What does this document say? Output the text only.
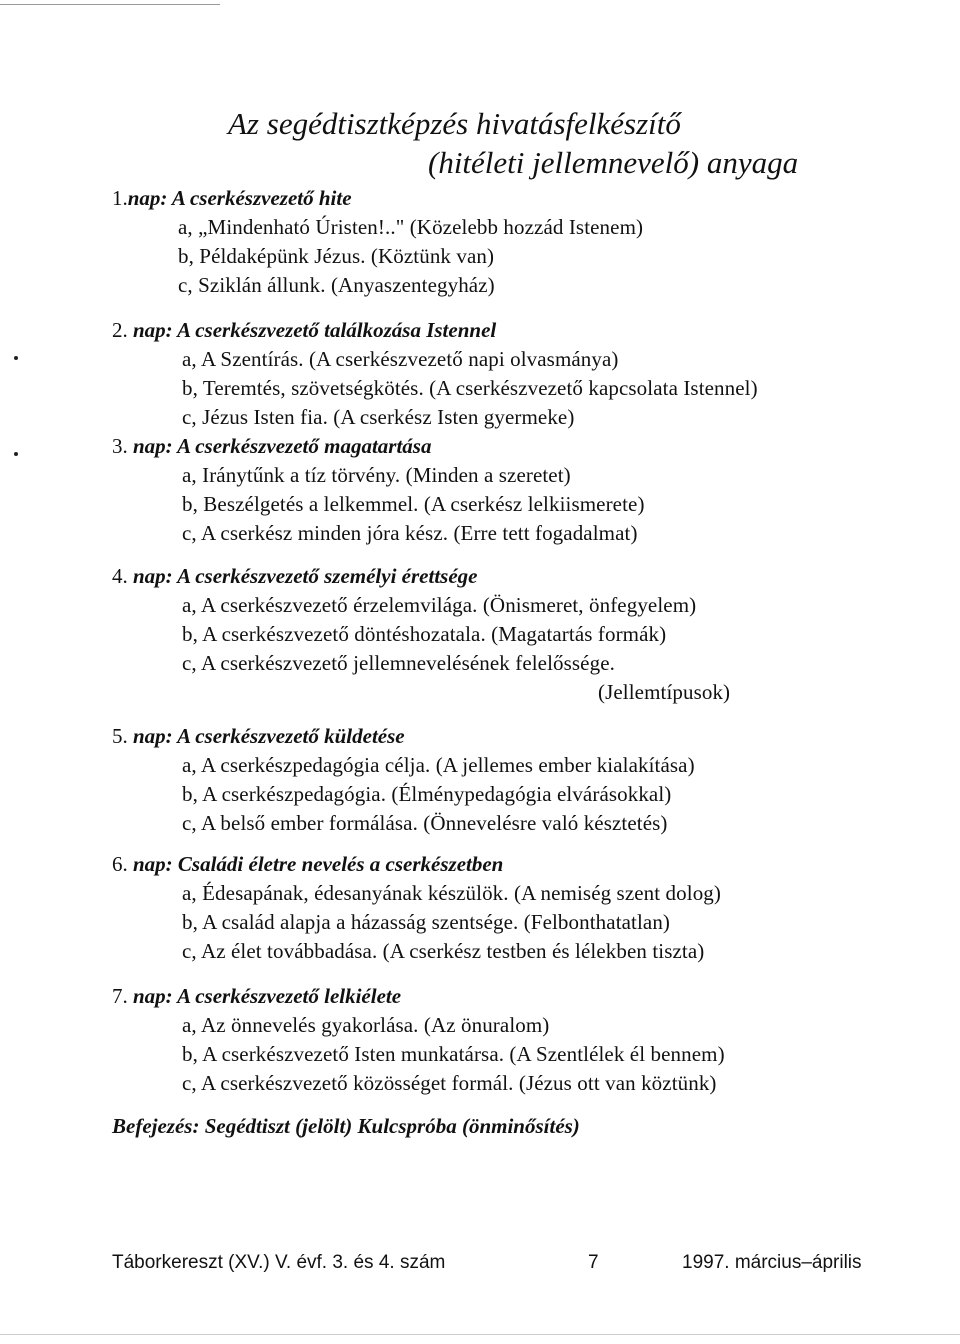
Az segédtisztképzés hivatásfelkészítő
(hitéleti jellemnevelő) anyaga
1.nap: A cserkészvezető hite
a, „Mindenható Úristen!.." (Közelebb hozzád Istenem)
b, Példaképünk Jézus. (Köztünk van)
c, Sziklán állunk. (Anyaszentegyház)
2. nap: A cserkészvezető találkozása Istennel
a, A Szentírás. (A cserkészvezető napi olvasmánya)
b, Teremtés, szövetségkötés. (A cserkészvezető kapcsolata Istennel)
c, Jézus Isten fia. (A cserkész Isten gyermeke)
3. nap: A cserkészvezető magatartása
a, Iránytűnk a tíz törvény. (Minden a szeretet)
b, Beszélgetés a lelkemmel. (A cserkész lelkiismerete)
c, A cserkész minden jóra kész. (Erre tett fogadalmat)
4. nap: A cserkészvezető személyi érettsége
a, A cserkészvezető érzelemvilága. (Önismeret, önfegyelem)
b, A cserkészvezető döntéshozatala. (Magatartás formák)
c, A cserkészvezető jellemnevelésének felelőssége.
(Jellemtípusok)
5. nap: A cserkészvezető küldetése
a, A cserkészpedagógia célja. (A jellemes ember kialakítása)
b, A cserkészpedagógia. (Élménypedagógia elvárásokkal)
c, A belső ember formálása. (Önnevelésre való késztetés)
6. nap: Családi életre nevelés a cserkészetben
a, Édesapának, édesanyának készülök. (A nemiség szent dolog)
b, A család alapja a házasság szentsége. (Felbonthatatlan)
c, Az élet továbbadása. (A cserkész testben és lélekben tiszta)
7. nap: A cserkészvezető lelkiélete
a, Az önnevelés gyakorlása. (Az önuralom)
b, A cserkészvezető Isten munkatársa. (A Szentlélek él bennem)
c, A cserkészvezető közösséget formál. (Jézus ott van köztünk)
Befejezés: Segédtiszt (jelölt) Kulcspróba (önminősítés)
Táborkereszt (XV.) V. évf. 3. és 4. szám	7	1997. március–április
